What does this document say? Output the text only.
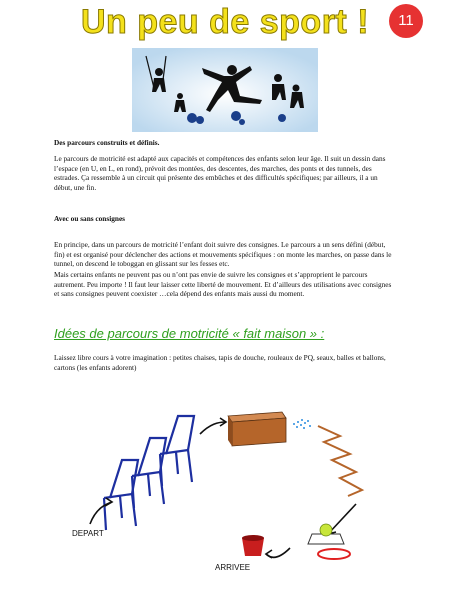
Un peu de sport !	11
Des parcours construits et définis.
Le parcours de motricité est adapté aux capacités et compétences des enfants selon leur âge. Il suit un dessin dans l’espace (en U, en L, en rond), prévoit des montées, des descentes, des marches, des ponts et des tunnels, des estrades. Ça ressemble à un circuit qui présente des embûches et des difficultés spécifiques; par ailleurs, il a un début, une fin.
Avec ou sans consignes
En principe, dans un parcours de motricité l’enfant doit suivre des consignes. Le parcours a un sens défini (début, fin) et est organisé pour déclencher des actions et mouvements spécifiques : on monte les marches, on passe dans le tunnel, on descend le toboggan en glissant sur les fesses etc.
Mais certains enfants ne peuvent pas ou n’ont pas envie de suivre les consignes et s’approprient le parcours autrement. Peu importe ! Il faut leur laisser cette liberté de mouvement. Et d’ailleurs des utilisations avec consignes et sans consignes peuvent coexister …cela dépend des enfants mais aussi du moment.
Idées de parcours de motricité « fait maison » :
Laissez libre cours à votre imagination : petites chaises, tapis de douche, rouleaux de PQ, seaux, balles et ballons, cartons (les enfants adorent)
DEPART
ARRIVEE
